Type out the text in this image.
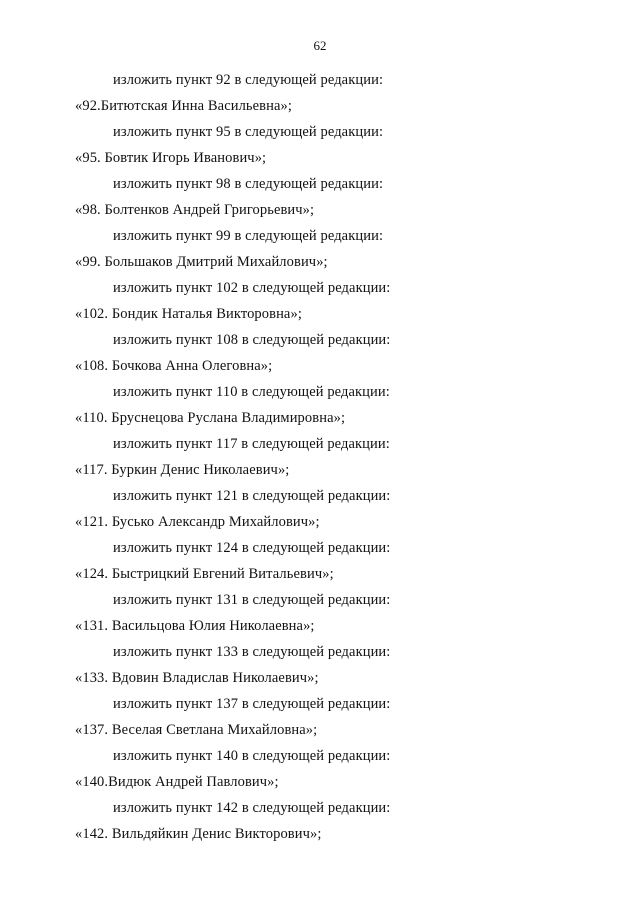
62
изложить пункт 92 в следующей редакции:
«92.Битютская Инна Васильевна»;
изложить пункт 95 в следующей редакции:
«95. Бовтик Игорь Иванович»;
изложить пункт 98 в следующей редакции:
«98. Болтенков Андрей Григорьевич»;
изложить пункт 99 в следующей редакции:
«99. Большаков Дмитрий Михайлович»;
изложить пункт 102 в следующей редакции:
«102. Бондик Наталья Викторовна»;
изложить пункт 108 в следующей редакции:
«108. Бочкова Анна Олеговна»;
изложить пункт 110 в следующей редакции:
«110. Бруснецова Руслана Владимировна»;
изложить пункт 117 в следующей редакции:
«117. Буркин Денис Николаевич»;
изложить пункт 121 в следующей редакции:
«121. Бусько Александр Михайлович»;
изложить пункт 124 в следующей редакции:
«124. Быстрицкий Евгений Витальевич»;
изложить пункт 131 в следующей редакции:
«131. Васильцова Юлия Николаевна»;
изложить пункт 133 в следующей редакции:
«133. Вдовин Владислав Николаевич»;
изложить пункт 137 в следующей редакции:
«137. Веселая Светлана Михайловна»;
изложить пункт 140 в следующей редакции:
«140.Видюк Андрей Павлович»;
изложить пункт 142 в следующей редакции:
«142. Вильдяйкин Денис Викторович»;
